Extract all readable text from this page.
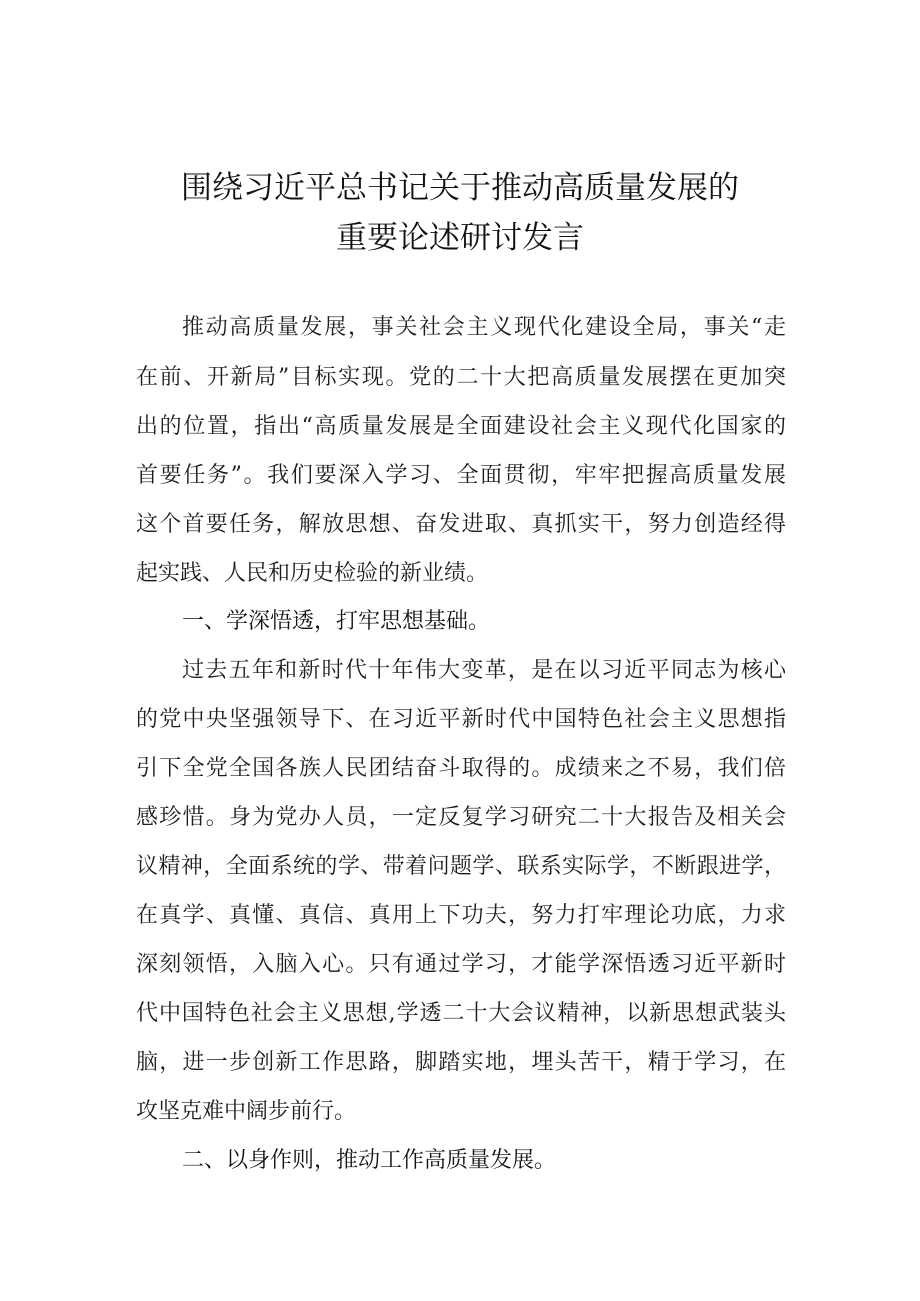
围绕习近平总书记关于推动高质量发展的
重要论述研讨发言
推动高质量发展，事关社会主义现代化建设全局，事关“走
在前、开新局”目标实现。党的二十大把高质量发展摆在更加突
出的位置，指出“高质量发展是全面建设社会主义现代化国家的
首要任务”。我们要深入学习、全面贯彻，牢牢把握高质量发展
这个首要任务，解放思想、奋发进取、真抓实干，努力创造经得
起实践、人民和历史检验的新业绩。
一、学深悟透，打牢思想基础。
过去五年和新时代十年伟大变革，是在以习近平同志为核心
的党中央坚强领导下、在习近平新时代中国特色社会主义思想指
引下全党全国各族人民团结奋斗取得的。成绩来之不易，我们倍
感珍惜。身为党办人员，一定反复学习研究二十大报告及相关会
议精神，全面系统的学、带着问题学、联系实际学，不断跟进学，
在真学、真懂、真信、真用上下功夫，努力打牢理论功底，力求
深刻领悟，入脑入心。只有通过学习，才能学深悟透习近平新时
代中国特色社会主义思想,学透二十大会议精神，以新思想武装头
脑，进一步创新工作思路，脚踏实地，埋头苦干，精于学习，在
攻坚克难中阔步前行。
二、以身作则，推动工作高质量发展。
